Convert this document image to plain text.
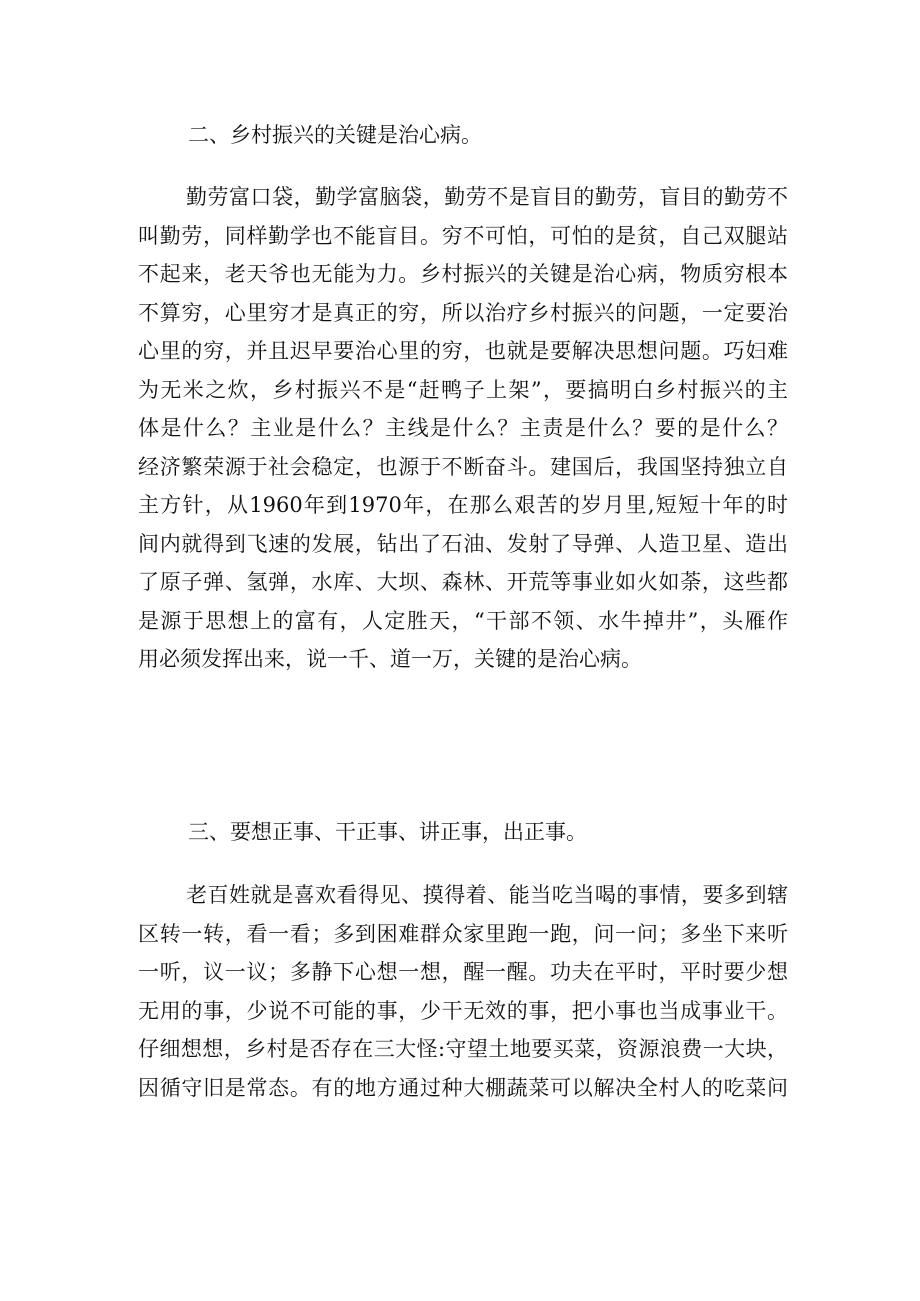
二、乡村振兴的关键是治心病。
勤劳富口袋，勤学富脑袋，勤劳不是盲目的勤劳，盲目的勤劳不
叫勤劳，同样勤学也不能盲目。穷不可怕，可怕的是贫，自己双腿站
不起来，老天爷也无能为力。乡村振兴的关键是治心病，物质穷根本
不算穷，心里穷才是真正的穷，所以治疗乡村振兴的问题，一定要治
心里的穷，并且迟早要治心里的穷，也就是要解决思想问题。巧妇难
为无米之炊，乡村振兴不是“赶鸭子上架”，要搞明白乡村振兴的主
体是什么？主业是什么？主线是什么？主责是什么？要的是什么？
经济繁荣源于社会稳定，也源于不断奋斗。建国后，我国坚持独立自
主方针，从1960年到1970年，在那么艰苦的岁月里,短短十年的时
间内就得到飞速的发展，钻出了石油、发射了导弹、人造卫星、造出
了原子弹、氢弹，水库、大坝、森林、开荒等事业如火如荼，这些都
是源于思想上的富有，人定胜天，“干部不领、水牛掉井”，头雁作
用必须发挥出来，说一千、道一万，关键的是治心病。
三、要想正事、干正事、讲正事，出正事。
老百姓就是喜欢看得见、摸得着、能当吃当喝的事情，要多到辖
区转一转，看一看；多到困难群众家里跑一跑，问一问；多坐下来听
一听，议一议；多静下心想一想，醒一醒。功夫在平时，平时要少想
无用的事，少说不可能的事，少干无效的事，把小事也当成事业干。
仔细想想，乡村是否存在三大怪:守望土地要买菜，资源浪费一大块，
因循守旧是常态。有的地方通过种大棚蔬菜可以解决全村人的吃菜问
